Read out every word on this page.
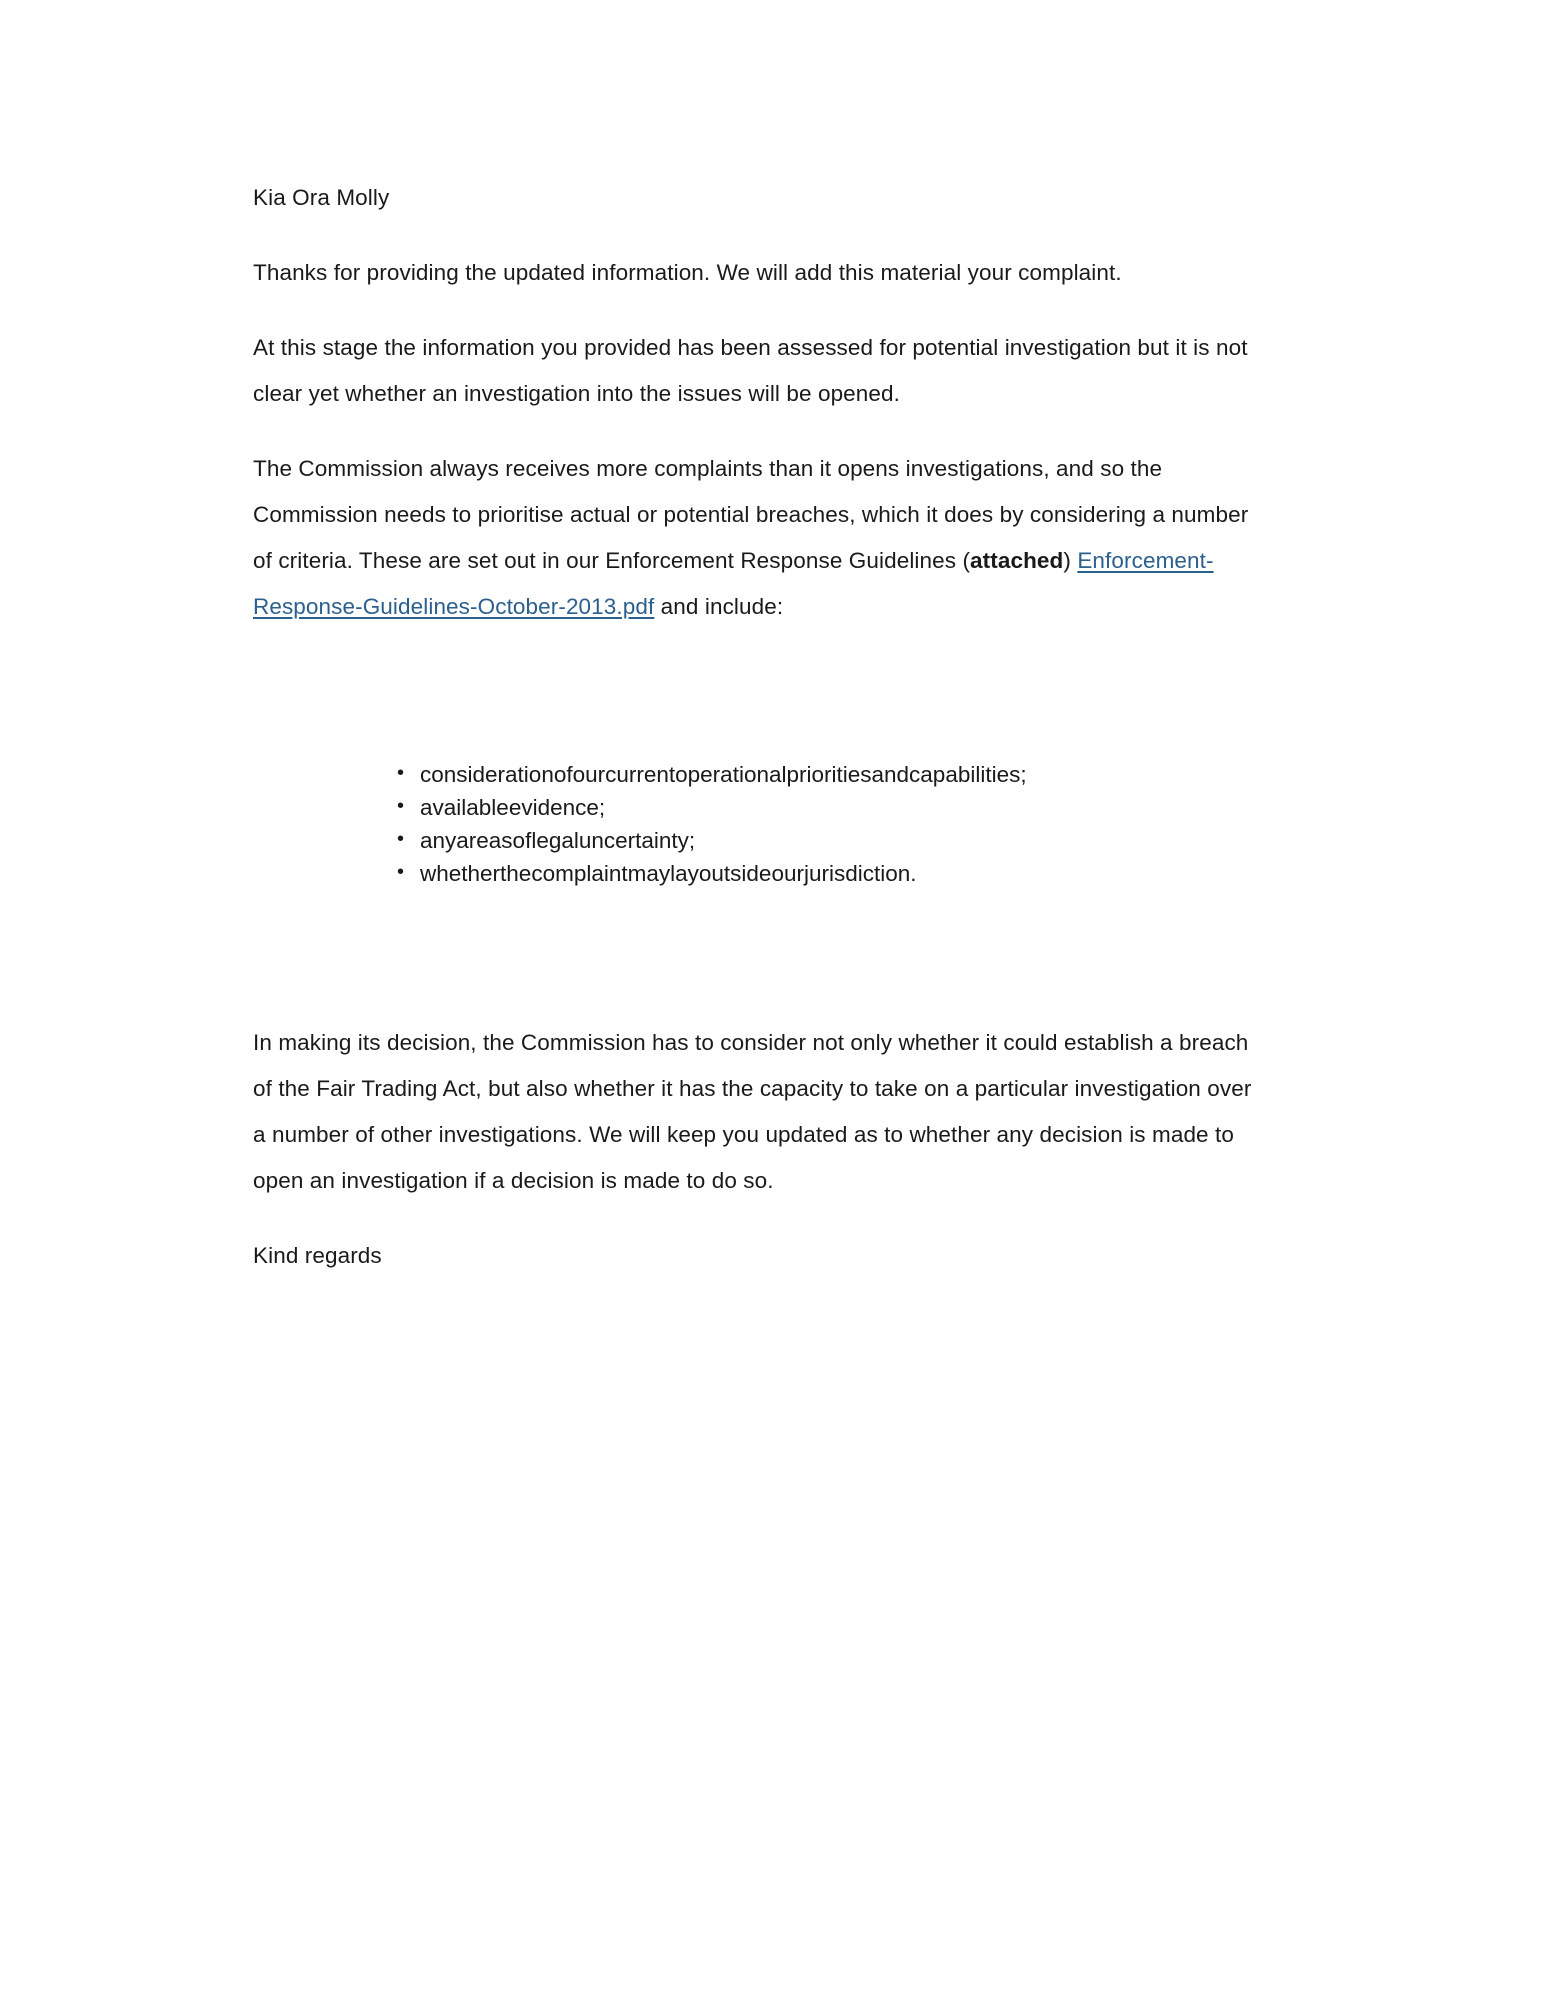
Kia Ora Molly

Thanks for providing the updated information. We will add this material your complaint.

At this stage the information you provided has been assessed for potential investigation but it is not clear yet whether an investigation into the issues will be opened.

The Commission always receives more complaints than it opens investigations, and so the Commission needs to prioritise actual or potential breaches, which it does by considering a number of criteria. These are set out in our Enforcement Response Guidelines (attached) Enforcement-Response-Guidelines-October-2013.pdf and include:

• considerationofourcurrentoperationalprioritiesandcapabilities;
• availableevidence;
• anyareasoflegaluncertainty;
• whetherthecomplaintmaylayoutsideourjurisdiction.

In making its decision, the Commission has to consider not only whether it could establish a breach of the Fair Trading Act, but also whether it has the capacity to take on a particular investigation over a number of other investigations. We will keep you updated as to whether any decision is made to open an investigation if a decision is made to do so.

Kind regards
